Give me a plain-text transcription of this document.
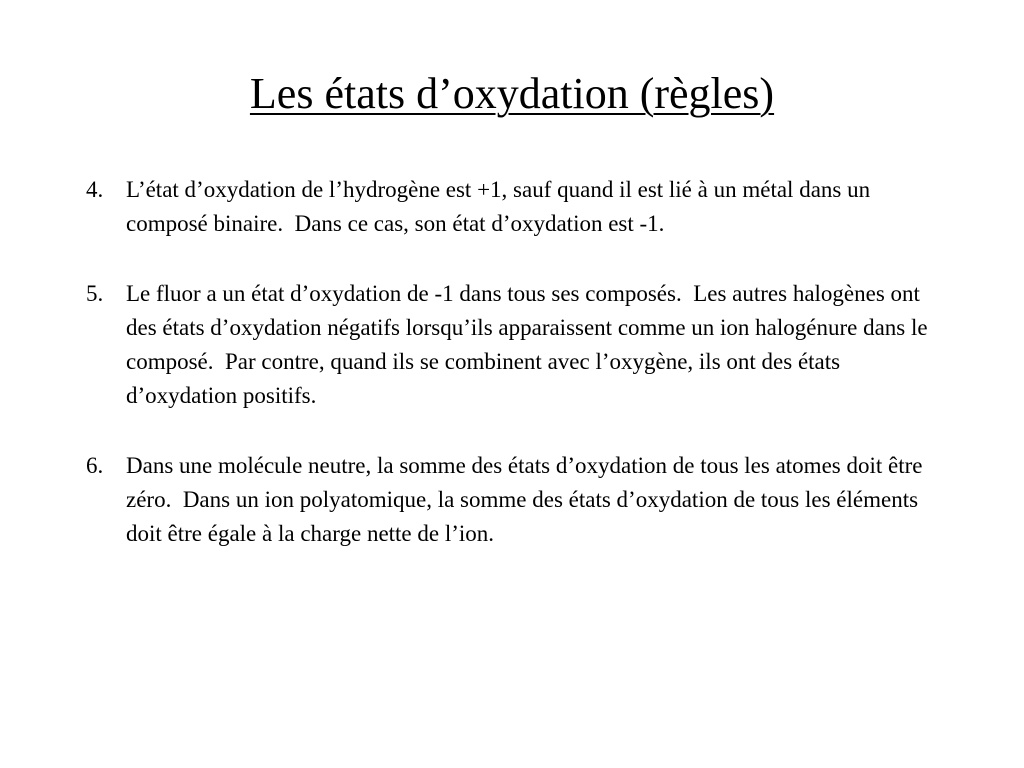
Les états d’oxydation (règles)
4. L’état d’oxydation de l’hydrogène est +1, sauf quand il est lié à un métal dans un composé binaire.  Dans ce cas, son état d’oxydation est -1.
5. Le fluor a un état d’oxydation de -1 dans tous ses composés.  Les autres halogènes ont des états d’oxydation négatifs lorsqu’ils apparaissent comme un ion halogénure dans le composé.  Par contre, quand ils se combinent avec l’oxygène, ils ont des états d’oxydation positifs.
6. Dans une molécule neutre, la somme des états d’oxydation de tous les atomes doit être zéro.  Dans un ion polyatomique, la somme des états d’oxydation de tous les éléments doit être égale à la charge nette de l’ion.
